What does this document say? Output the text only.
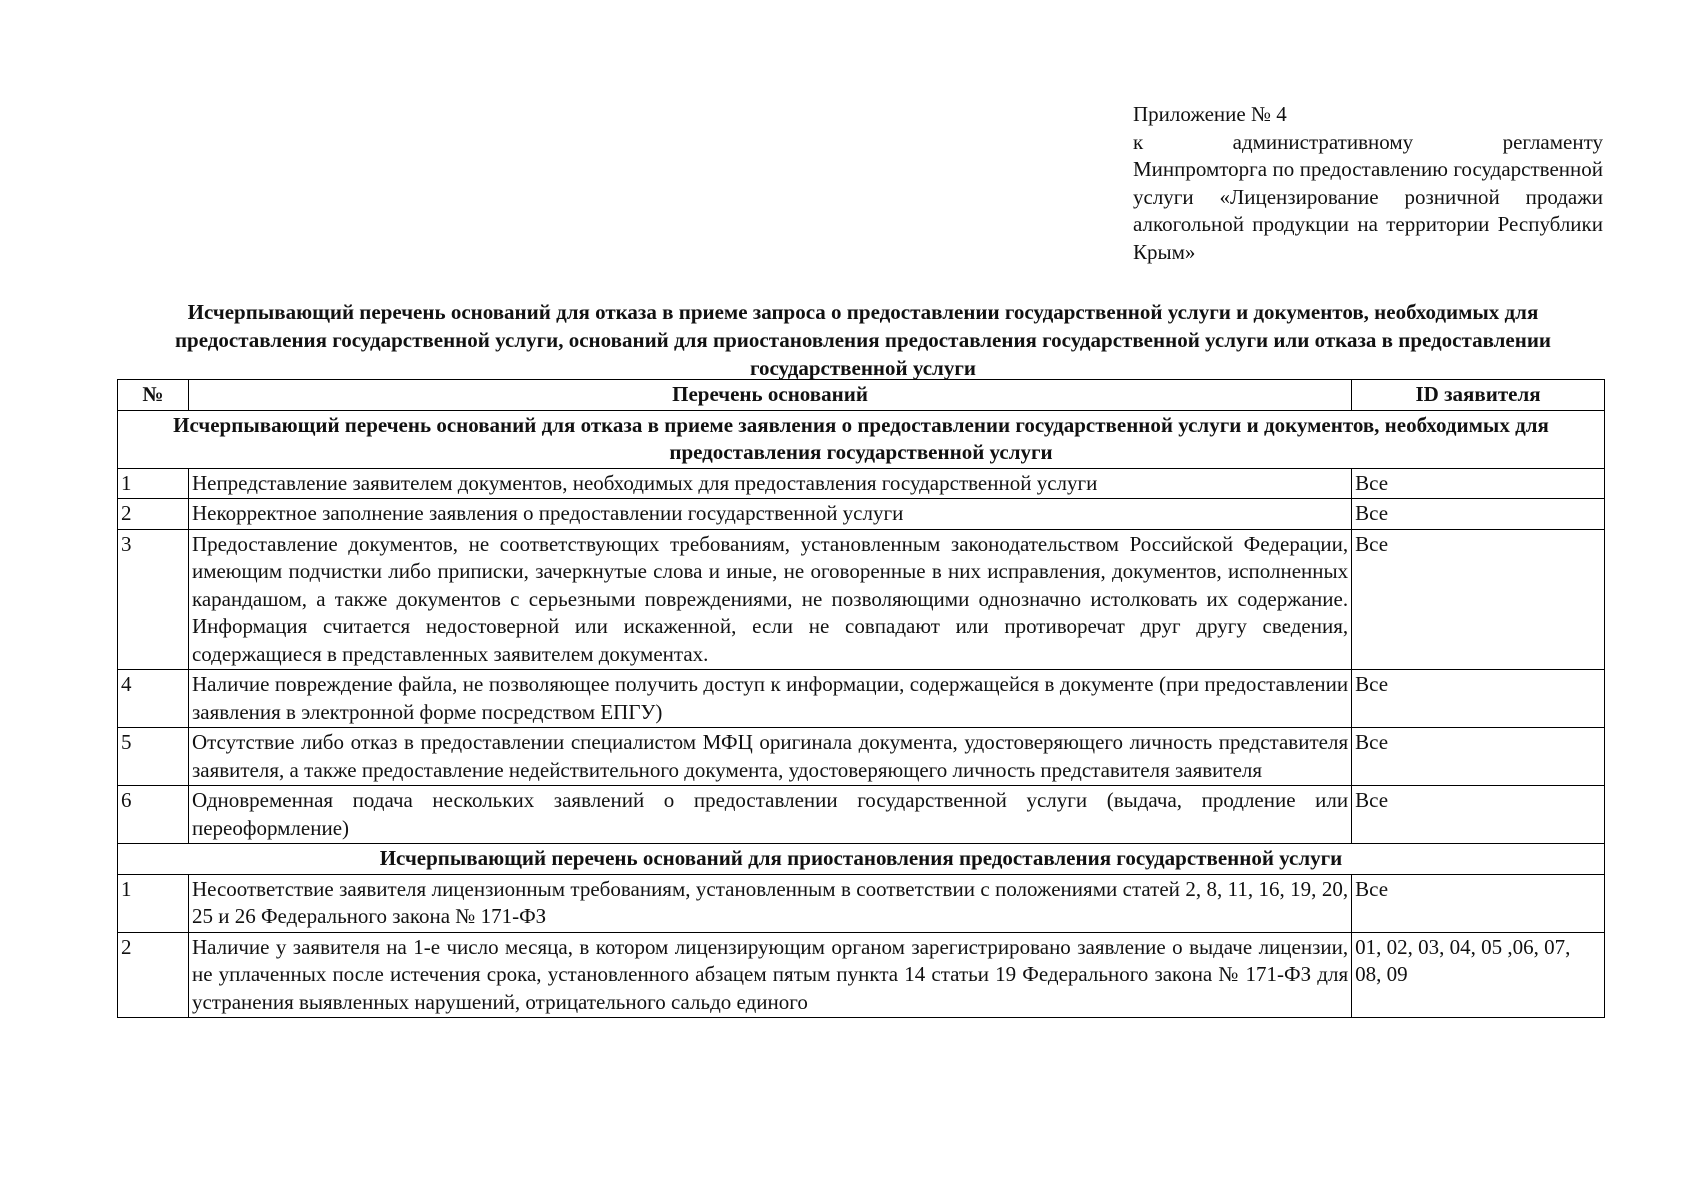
Приложение № 4
к административному регламенту
Минпромторга по предоставлению государственной услуги «Лицензирование розничной продажи алкогольной продукции на территории Республики Крым»
Исчерпывающий перечень оснований для отказа в приеме запроса о предоставлении государственной услуги и документов, необходимых для предоставления государственной услуги, оснований для приостановления предоставления государственной услуги или отказа в предоставлении государственной услуги
№	Перечень оснований	ID заявителя
Исчерпывающий перечень оснований для отказа в приеме заявления о предоставлении государственной услуги и документов, необходимых для предоставления государственной услуги		
1	Непредставление заявителем документов, необходимых для предоставления государственной услуги	Все
2	Некорректное заполнение заявления о предоставлении государственной услуги	Все
3	Предоставление документов, не соответствующих требованиям, установленным законодательством Российской Федерации, имеющим подчистки либо приписки, зачеркнутые слова и иные, не оговоренные в них исправления, документов, исполненных карандашом, а также документов с серьезными повреждениями, не позволяющими однозначно истолковать их содержание. Информация считается недостоверной или искаженной, если не совпадают или противоречат друг другу сведения, содержащиеся в представленных заявителем документах.	Все
4	Наличие повреждение файла, не позволяющее получить доступ к информации, содержащейся в документе (при предоставлении заявления в электронной форме посредством ЕПГУ)	Все
5	Отсутствие либо отказ в предоставлении специалистом МФЦ оригинала документа, удостоверяющего личность представителя заявителя, а также предоставление недействительного документа, удостоверяющего личность представителя заявителя	Все
6	Одновременная подача нескольких заявлений о предоставлении государственной услуги (выдача, продление или переоформление)	Все
Исчерпывающий перечень оснований для приостановления предоставления государственной услуги		
1	Несоответствие заявителя лицензионным требованиям, установленным в соответствии с положениями статей 2, 8, 11, 16, 19, 20, 25 и 26 Федерального закона № 171-ФЗ	Все
2	Наличие у заявителя на 1-е число месяца, в котором лицензирующим органом зарегистрировано заявление о выдаче лицензии, не уплаченных после истечения срока, установленного абзацем пятым пункта 14 статьи 19 Федерального закона № 171-ФЗ для устранения выявленных нарушений, отрицательного сальдо единого	01, 02, 03, 04, 05 ,06, 07, 08, 09
